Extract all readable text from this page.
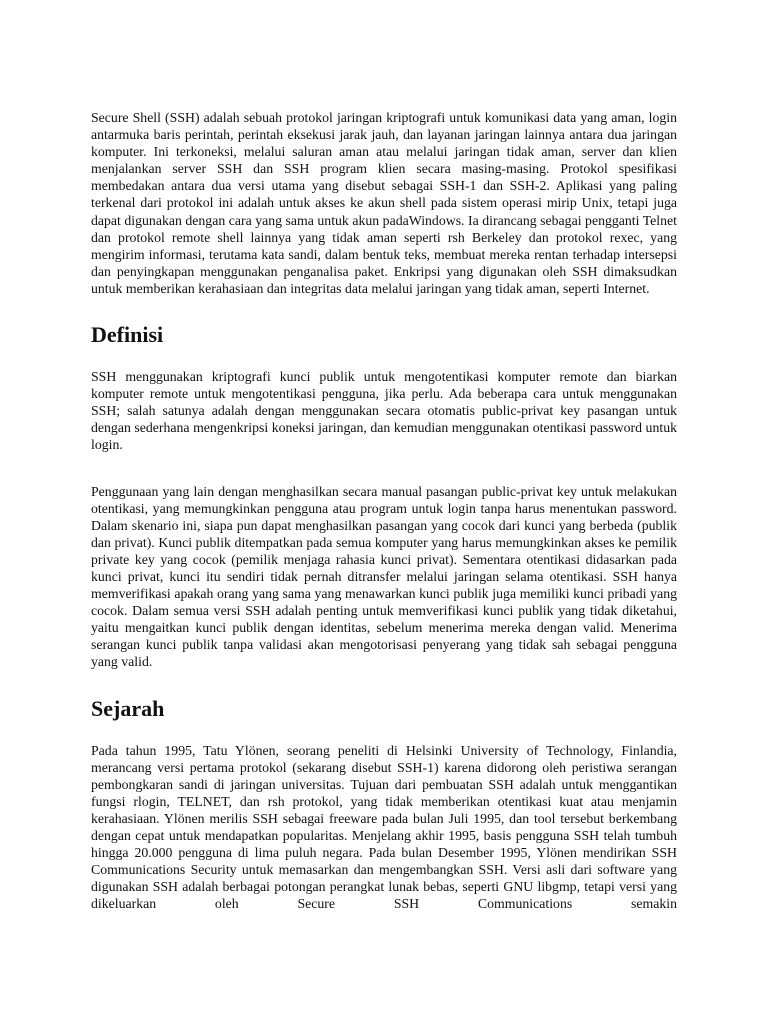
Secure Shell (SSH) adalah sebuah protokol jaringan kriptografi untuk komunikasi data yang aman, login antarmuka baris perintah, perintah eksekusi jarak jauh, dan layanan jaringan lainnya antara dua jaringan komputer. Ini terkoneksi, melalui saluran aman atau melalui jaringan tidak aman, server dan klien menjalankan server SSH dan SSH program klien secara masing-masing. Protokol spesifikasi membedakan antara dua versi utama yang disebut sebagai SSH-1 dan SSH-2. Aplikasi yang paling terkenal dari protokol ini adalah untuk akses ke akun shell pada sistem operasi mirip Unix, tetapi juga dapat digunakan dengan cara yang sama untuk akun padaWindows. Ia dirancang sebagai pengganti Telnet dan protokol remote shell lainnya yang tidak aman seperti rsh Berkeley dan protokol rexec, yang mengirim informasi, terutama kata sandi, dalam bentuk teks, membuat mereka rentan terhadap intersepsi dan penyingkapan menggunakan penganalisa paket. Enkripsi yang digunakan oleh SSH dimaksudkan untuk memberikan kerahasiaan dan integritas data melalui jaringan yang tidak aman, seperti Internet.

Definisi

SSH menggunakan kriptografi kunci publik untuk mengotentikasi komputer remote dan biarkan komputer remote untuk mengotentikasi pengguna, jika perlu. Ada beberapa cara untuk menggunakan SSH; salah satunya adalah dengan menggunakan secara otomatis public-privat key pasangan untuk dengan sederhana mengenkripsi koneksi jaringan, dan kemudian menggunakan otentikasi password untuk login.

Penggunaan yang lain dengan menghasilkan secara manual pasangan public-privat key untuk melakukan otentikasi, yang memungkinkan pengguna atau program untuk login tanpa harus menentukan password. Dalam skenario ini, siapa pun dapat menghasilkan pasangan yang cocok dari kunci yang berbeda (publik dan privat). Kunci publik ditempatkan pada semua komputer yang harus memungkinkan akses ke pemilik private key yang cocok (pemilik menjaga rahasia kunci privat). Sementara otentikasi didasarkan pada kunci privat, kunci itu sendiri tidak pernah ditransfer melalui jaringan selama otentikasi. SSH hanya memverifikasi apakah orang yang sama yang menawarkan kunci publik juga memiliki kunci pribadi yang cocok. Dalam semua versi SSH adalah penting untuk memverifikasi kunci publik yang tidak diketahui, yaitu mengaitkan kunci publik dengan identitas, sebelum menerima mereka dengan valid. Menerima serangan kunci publik tanpa validasi akan mengotorisasi penyerang yang tidak sah sebagai pengguna yang valid.

Sejarah

Pada tahun 1995, Tatu Ylönen, seorang peneliti di Helsinki University of Technology, Finlandia, merancang versi pertama protokol (sekarang disebut SSH-1) karena didorong oleh peristiwa serangan pembongkaran sandi di jaringan universitas. Tujuan dari pembuatan SSH adalah untuk menggantikan fungsi rlogin, TELNET, dan rsh protokol, yang tidak memberikan otentikasi kuat atau menjamin kerahasiaan. Ylönen merilis SSH sebagai freeware pada bulan Juli 1995, dan tool tersebut berkembang dengan cepat untuk mendapatkan popularitas. Menjelang akhir 1995, basis pengguna SSH telah tumbuh hingga 20.000 pengguna di lima puluh negara. Pada bulan Desember 1995, Ylönen mendirikan SSH Communications Security untuk memasarkan dan mengembangkan SSH. Versi asli dari software yang digunakan SSH adalah berbagai potongan perangkat lunak bebas, seperti GNU libgmp, tetapi versi yang dikeluarkan oleh Secure SSH Communications semakin
